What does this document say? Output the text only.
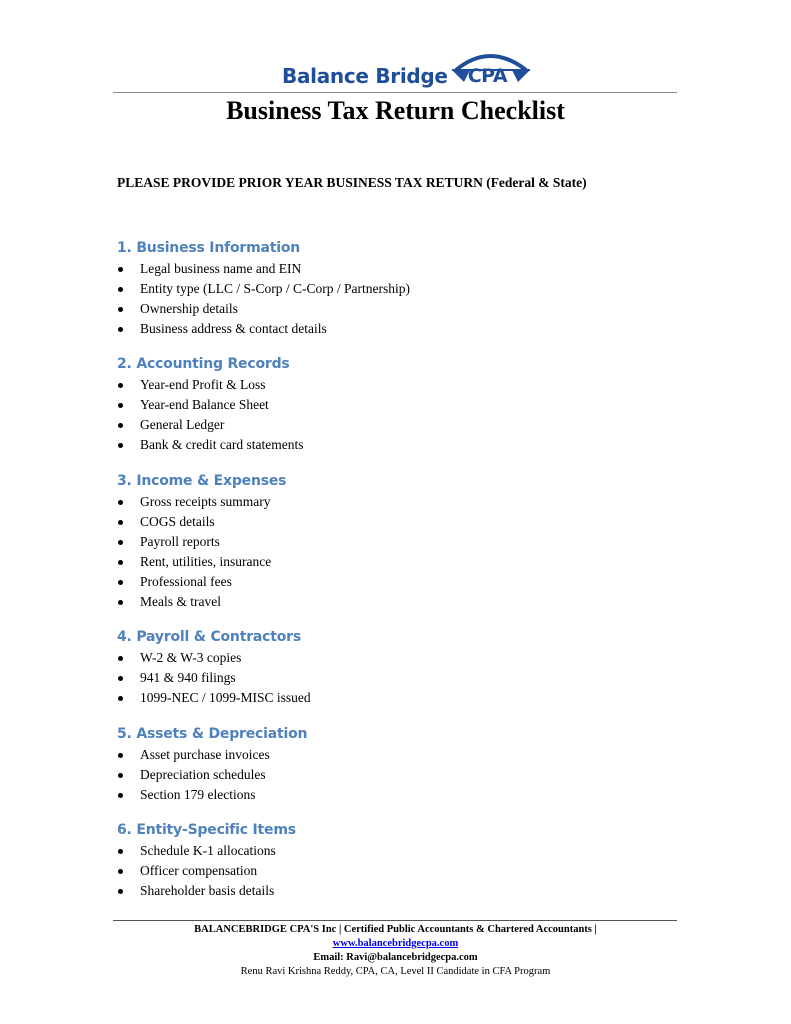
Balance Bridge CPA
Business Tax Return Checklist
PLEASE PROVIDE PRIOR YEAR BUSINESS TAX RETURN (Federal & State)
1. Business Information
Legal business name and EIN
Entity type (LLC / S-Corp / C-Corp / Partnership)
Ownership details
Business address & contact details
2. Accounting Records
Year-end Profit & Loss
Year-end Balance Sheet
General Ledger
Bank & credit card statements
3. Income & Expenses
Gross receipts summary
COGS details
Payroll reports
Rent, utilities, insurance
Professional fees
Meals & travel
4. Payroll & Contractors
W-2 & W-3 copies
941 & 940 filings
1099-NEC / 1099-MISC issued
5. Assets & Depreciation
Asset purchase invoices
Depreciation schedules
Section 179 elections
6. Entity-Specific Items
Schedule K-1 allocations
Officer compensation
Shareholder basis details
BALANCEBRIDGE CPA'S Inc | Certified Public Accountants & Chartered Accountants |
www.balancebridgecpa.com
Email: Ravi@balancebridgecpa.com
Renu Ravi Krishna Reddy, CPA, CA, Level II Candidate in CFA Program
